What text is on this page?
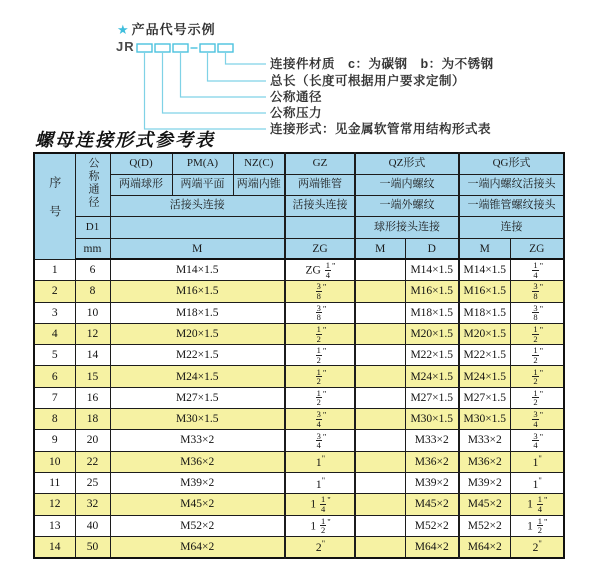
★ 产品代号示例
JR
连接件材质　c：为碳钢　b：为不锈钢
总长（长度可根据用户要求定制）
公称通径
公称压力
连接形式：见金属软管常用结构形式表
螺母连接形式参考表
序号	公称通径	Q(D)	PM(A)	NZ(C)	GZ	QZ形式		QG形式	
		两端球形	两端平面	两端内锥	两端锥管	一端内螺纹		一端内螺纹活接头	
		活接头连接			活接头连接	一端外螺纹		一端锥管螺纹接头	
	D1					球形接头连接		连接	
	mm	M			ZG	M	D	M	ZG
1	6	M14×1.5			ZG $\frac{1}{4} ^"$		M14×1.5	M14×1.5	$\frac{1}{4} ^"$
2	8	M16×1.5			$\frac{3}{8} ^"$		M16×1.5	M16×1.5	$\frac{3}{8} ^"$
3	10	M18×1.5			$\frac{3}{8} ^"$		M18×1.5	M18×1.5	$\frac{3}{8} ^"$
4	12	M20×1.5			$\frac{1}{2} ^"$		M20×1.5	M20×1.5	$\frac{1}{2} ^"$
5	14	M22×1.5			$\frac{1}{2} ^"$		M22×1.5	M22×1.5	$\frac{1}{2} ^"$
6	15	M24×1.5			$\frac{1}{2} ^"$		M24×1.5	M24×1.5	$\frac{1}{2} ^"$
7	16	M27×1.5			$\frac{1}{2} ^"$		M27×1.5	M27×1.5	$\frac{1}{2} ^"$
8	18	M30×1.5			$\frac{3}{4} ^"$		M30×1.5	M30×1.5	$\frac{3}{4} ^"$
9	20	M33×2			$\frac{3}{4} ^"$		M33×2	M33×2	$\frac{3}{4} ^"$
10	22	M36×2			1"		M36×2	M36×2	1"
11	25	M39×2			1"		M39×2	M39×2	1"
12	32	M45×2			$1 \frac{1}{4} ^"$		M45×2	M45×2	$1 \frac{1}{4} ^"$
13	40	M52×2			$1 \frac{1}{2} ^"$		M52×2	M52×2	$1 \frac{1}{2} ^"$
14	50	M64×2			2"		M64×2	M64×2	2"
